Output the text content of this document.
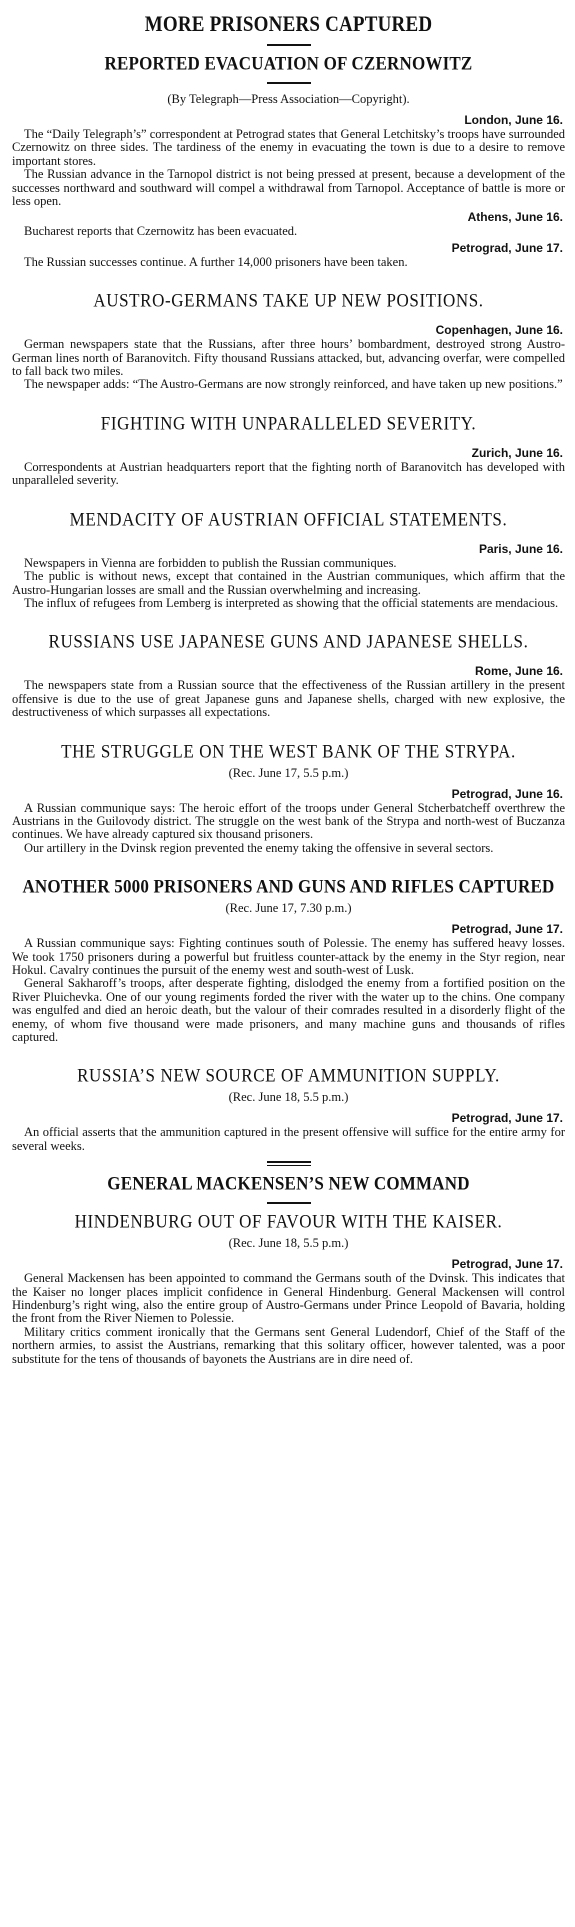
MORE PRISONERS CAPTURED
REPORTED EVACUATION OF CZERNOWITZ
(By Telegraph—Press Association—Copyright).
London, June 16.

The “Daily Telegraph’s” correspondent at Petrograd states that General Letchitsky’s troops have surrounded Czernowitz on three sides. The tardiness of the enemy in evacuating the town is due to a desire to remove important stores.

The Russian advance in the Tarnopol district is not being pressed at present, because a development of the successes northward and southward will compel a withdrawal from Tarnopol. Acceptance of battle is more or less open.

Athens, June 16.

Bucharest reports that Czernowitz has been evacuated.

Petrograd, June 17.

The Russian successes continue. A further 14,000 prisoners have been taken.

AUSTRO-GERMANS TAKE UP NEW POSITIONS.
Copenhagen, June 16.

German newspapers state that the Russians, after three hours’ bombardment, destroyed strong Austro-German lines north of Baranovitch. Fifty thousand Russians attacked, but, advancing overfar, were compelled to fall back two miles.

The newspaper adds: “The Austro-Germans are now strongly reinforced, and have taken up new positions.”

FIGHTING WITH UNPARALLELED SEVERITY.
Zurich, June 16.

Correspondents at Austrian headquarters report that the fighting north of Baranovitch has developed with unparalleled severity.

MENDACITY OF AUSTRIAN OFFICIAL STATEMENTS.
Paris, June 16.

Newspapers in Vienna are forbidden to publish the Russian communiques.

The public is without news, except that contained in the Austrian communiques, which affirm that the Austro-Hungarian losses are small and the Russian overwhelming and increasing.

The influx of refugees from Lemberg is interpreted as showing that the official statements are mendacious.

RUSSIANS USE JAPANESE GUNS AND JAPANESE SHELLS.
Rome, June 16.

The newspapers state from a Russian source that the effectiveness of the Russian artillery in the present offensive is due to the use of great Japanese guns and Japanese shells, charged with new explosive, the destructiveness of which surpasses all expectations.

THE STRUGGLE ON THE WEST BANK OF THE STRYPA.
(Rec. June 17, 5.5 p.m.)
Petrograd, June 16.

A Russian communique says: The heroic effort of the troops under General Stcherbatcheff overthrew the Austrians in the Guilovody district. The struggle on the west bank of the Strypa and north-west of Buczanza continues. We have already captured six thousand prisoners.

Our artillery in the Dvinsk region prevented the enemy taking the offensive in several sectors.

ANOTHER 5000 PRISONERS AND GUNS AND RIFLES CAPTURED
(Rec. June 17, 7.30 p.m.)
Petrograd, June 17.

A Russian communique says: Fighting continues south of Polessie. The enemy has suffered heavy losses. We took 1750 prisoners during a powerful but fruitless counter-attack by the enemy in the Styr region, near Hokul. Cavalry continues the pursuit of the enemy west and south-west of Lusk.

General Sakharoff’s troops, after desperate fighting, dislodged the enemy from a fortified position on the River Pluichevka. One of our young regiments forded the river with the water up to the chins. One company was engulfed and died an heroic death, but the valour of their comrades resulted in a disorderly flight of the enemy, of whom five thousand were made prisoners, and many machine guns and thousands of rifles captured.

RUSSIA’S NEW SOURCE OF AMMUNITION SUPPLY.
(Rec. June 18, 5.5 p.m.)
Petrograd, June 17.

An official asserts that the ammunition captured in the present offensive will suffice for the entire army for several weeks.

GENERAL MACKENSEN’S NEW COMMAND
HINDENBURG OUT OF FAVOUR WITH THE KAISER.
(Rec. June 18, 5.5 p.m.)
Petrograd, June 17.

General Mackensen has been appointed to command the Germans south of the Dvinsk. This indicates that the Kaiser no longer places implicit confidence in General Hindenburg. General Mackensen will control Hindenburg’s right wing, also the entire group of Austro-Germans under Prince Leopold of Bavaria, holding the front from the River Niemen to Polessie.

Military critics comment ironically that the Germans sent General Ludendorf, Chief of the Staff of the northern armies, to assist the Austrians, remarking that this solitary officer, however talented, was a poor substitute for the tens of thousands of bayonets the Austrians are in dire need of.
